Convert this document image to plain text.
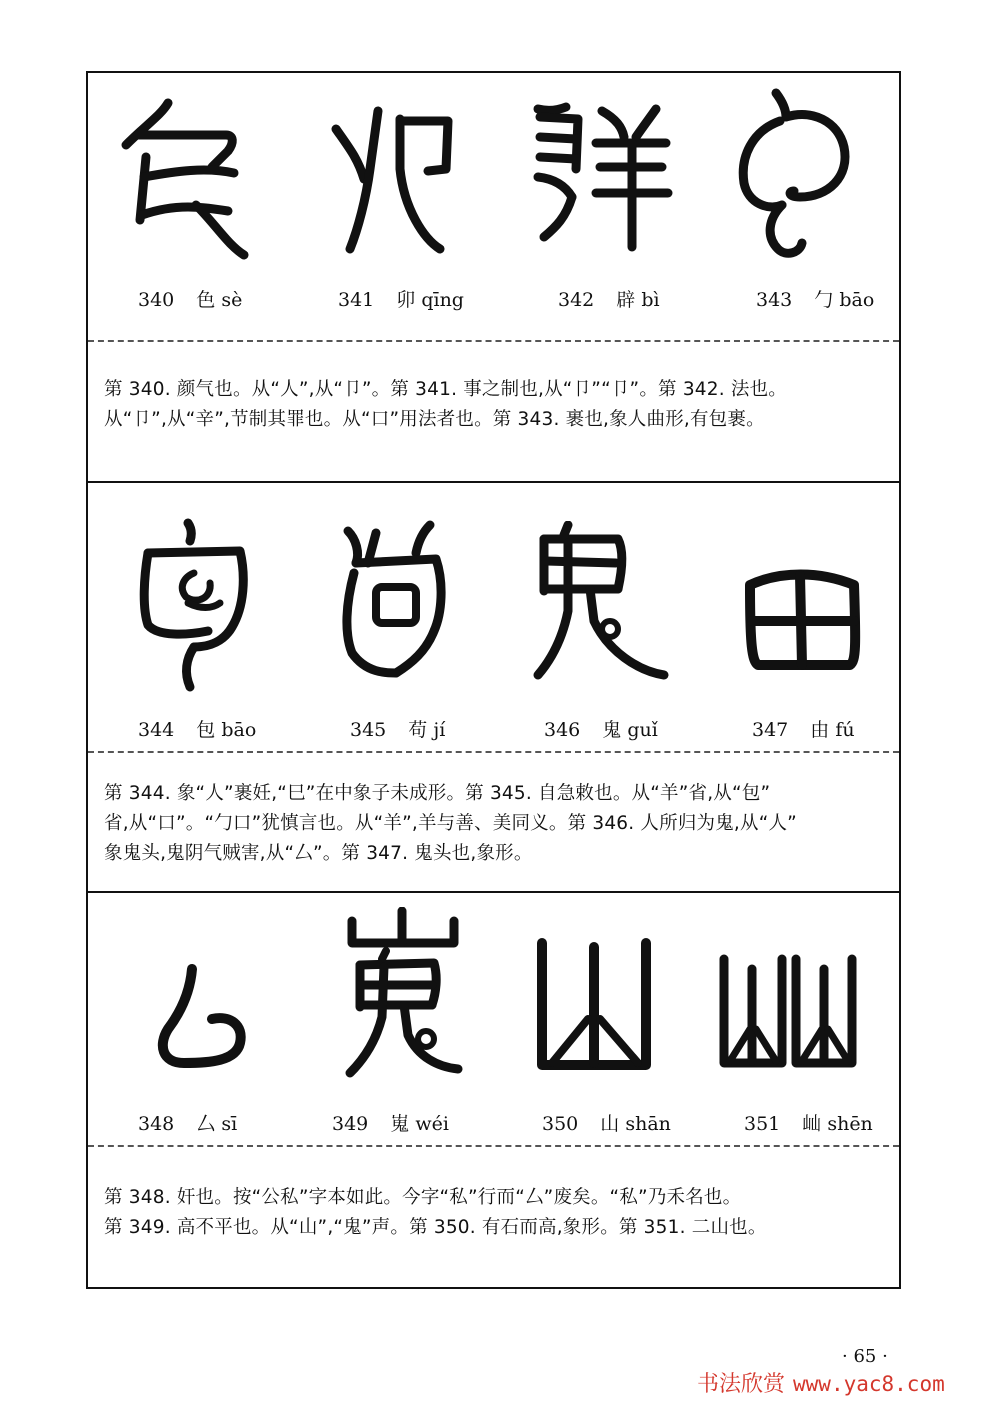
340 色 sè	341 卯 qīng	342 辟 bì	343 勹 bāo
第 340. 颜气也。从“人”,从“卩”。第 341. 事之制也,从“卩”“卩”。第 342. 法也。
从“卩”,从“辛”,节制其罪也。从“口”用法者也。第 343. 裹也,象人曲形,有包裹。
344 包 bāo	345 苟 jí	346 鬼 guǐ	347 由 fú
第 344. 象“人”裹妊,“巳”在中象子未成形。第 345. 自急敕也。从“羊”省,从“包”
省,从“口”。“勹口”犹慎言也。从“羊”,羊与善、美同义。第 346. 人所归为鬼,从“人”
象鬼头,鬼阴气贼害,从“厶”。第 347. 鬼头也,象形。
348 厶 sī	349 嵬 wéi	350 山 shān	351 屾 shēn
第 348. 奸也。按“公私”字本如此。今字“私”行而“厶”废矣。“私”乃禾名也。
第 349. 高不平也。从“山”,“鬼”声。第 350. 有石而高,象形。第 351. 二山也。
· 65 ·
书法欣赏 www.yac8.com
